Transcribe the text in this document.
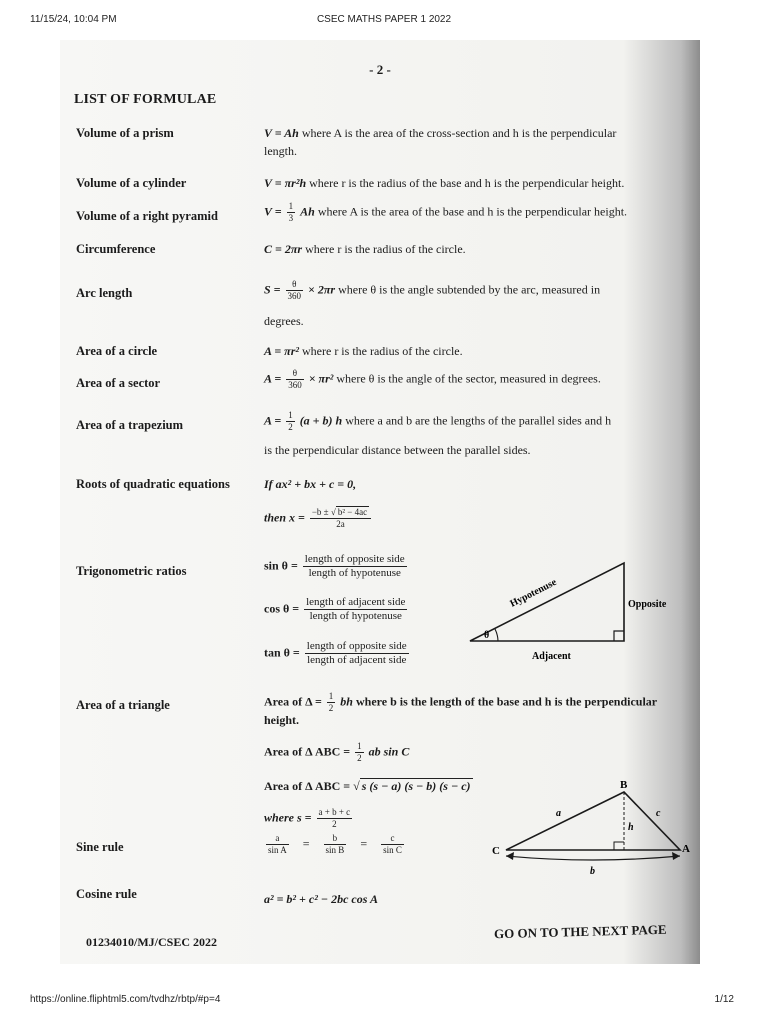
11/15/24, 10:04 PM	CSEC MATHS PAPER 1 2022
- 2 -
LIST OF FORMULAE
Volume of a prism	V = Ah where A is the area of the cross-section and h is the perpendicular
length.
Volume of a cylinder	V = πr²h where r is the radius of the base and h is the perpendicular height.
Volume of a right pyramid	$V = \frac{1}{3}$ Ah where A is the area of the base and h is the perpendicular height.
Circumference	C = 2πr where r is the radius of the circle.
Arc length	$S = \frac{\theta}{360} \times 2\pi r$ where θ is the angle subtended by the arc, measured in
degrees.
Area of a circle	A = πr² where r is the radius of the circle.
Area of a sector	$A = \frac{\theta}{360} \times \pi r^2$ where θ is the angle of the sector, measured in degrees.
Area of a trapezium	$A = \frac{1}{2} (a + b)$ h where a and b are the lengths of the parallel sides and h
is the perpendicular distance between the parallel sides.
Roots of quadratic equations	If ax² + bx + c = 0,
then $x = \frac{\text{−b ± √ b² − 4ac}}{2a}$
Trigonometric ratios	$\sin \theta = \frac{\text{length of opposite side}}{\text{length of hypotenuse}}$
$\cos \theta = \frac{\text{length of adjacent side}}{\text{length of hypotenuse}}$
$\tan \theta = \frac{\text{length of opposite side}}{\text{length of adjacent side}}$
θ
Hypotenuse	Opposite
Adjacent
Area of a triangle	Area of $\Delta = \frac{1}{2}$ bh where b is the length of the base and h is the perpendicular
height.
Area of Δ ABC = $\frac{1}{2}$ ab sin C
Area of Δ ABC = √ s (s − a) (s − b) (s − c)
where $s = \frac{a + b + c}{2}$
Sine rule	$\frac{a}{\text{sin A}} = \frac{b}{\text{sin B}} = \frac{c}{\text{sin C}}$
B
C	A
a	c
h
b
Cosine rule	a² = b² + c² − 2bc cos A
01234010/MJ/CSEC 2022
GO ON TO THE NEXT PAGE
https://online.fliphtml5.com/tvdhz/rbtp/#p=4	1/12
